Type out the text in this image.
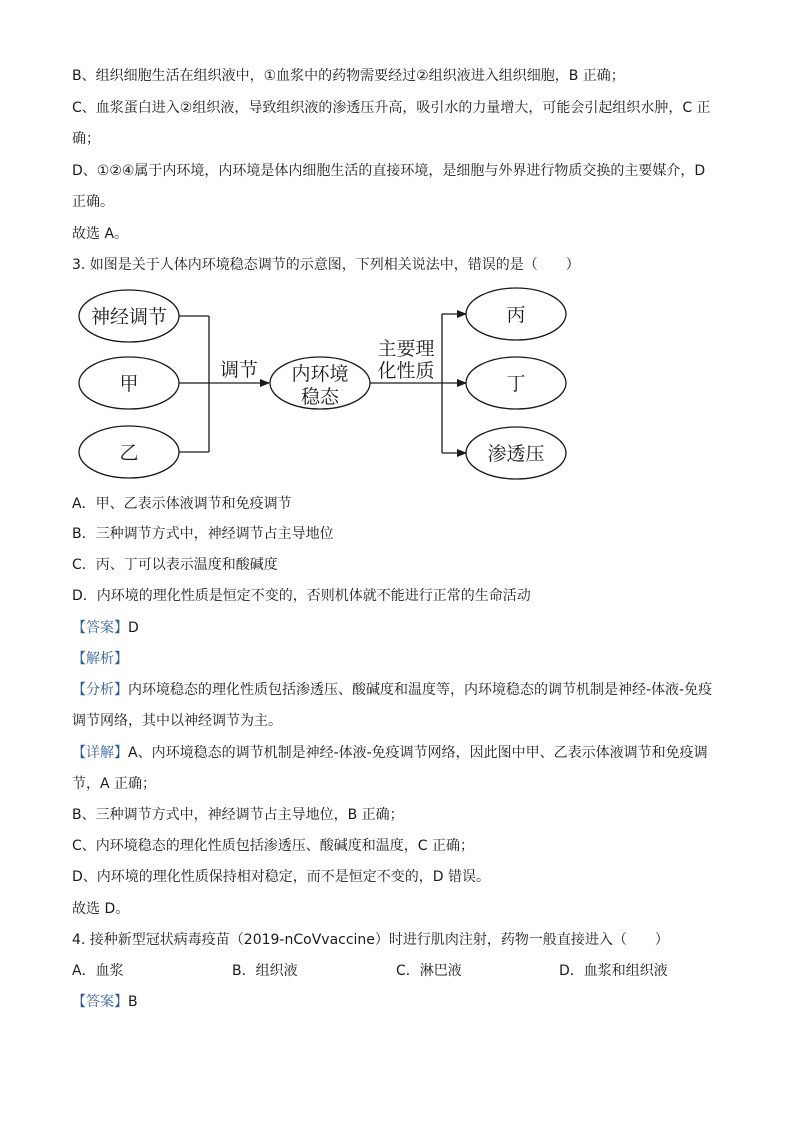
B、组织细胞生活在组织液中，①血浆中的药物需要经过②组织液进入组织细胞，B 正确；
C、血浆蛋白进入②组织液，导致组织液的渗透压升高，吸引水的力量增大，可能会引起组织水肿，C 正
确；
D、①②④属于内环境，内环境是体内细胞生活的直接环境，是细胞与外界进行物质交换的主要媒介，D
正确。
故选 A。
3. 如图是关于人体内环境稳态调节的示意图，下列相关说法中，错误的是（　　）
神经调节
甲
乙
调节 内环境
稳态
主要理
化性质
丙
丁
渗透压
A．甲、乙表示体液调节和免疫调节
B．三种调节方式中，神经调节占主导地位
C．丙、丁可以表示温度和酸碱度
D．内环境的理化性质是恒定不变的，否则机体就不能进行正常的生命活动
【答案】D
【解析】
【分析】内环境稳态的理化性质包括渗透压、酸碱度和温度等，内环境稳态的调节机制是神经-体液-免疫
调节网络，其中以神经调节为主。
【详解】A、内环境稳态的调节机制是神经-体液-免疫调节网络，因此图中甲、乙表示体液调节和免疫调
节，A 正确；
B、三种调节方式中，神经调节占主导地位，B 正确；
C、内环境稳态的理化性质包括渗透压、酸碱度和温度，C 正确；
D、内环境的理化性质保持相对稳定，而不是恒定不变的，D 错误。
故选 D。
4. 接种新型冠状病毒疫苗（2019-nCoVvaccine）时进行肌肉注射，药物一般直接进入（　　）
A．血浆	B．组织液	C．淋巴液	D．血浆和组织液
【答案】B
